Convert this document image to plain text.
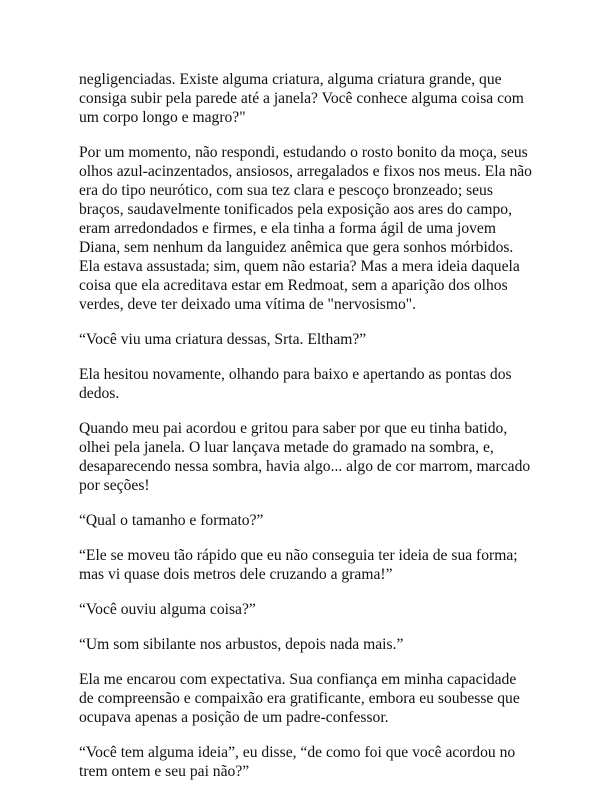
negligenciadas. Existe alguma criatura, alguma criatura grande, que consiga subir pela parede até a janela? Você conhece alguma coisa com um corpo longo e magro?"

Por um momento, não respondi, estudando o rosto bonito da moça, seus olhos azul-acinzentados, ansiosos, arregalados e fixos nos meus. Ela não era do tipo neurótico, com sua tez clara e pescoço bronzeado; seus braços, saudavelmente tonificados pela exposição aos ares do campo, eram arredondados e firmes, e ela tinha a forma ágil de uma jovem Diana, sem nenhum da languidez anêmica que gera sonhos mórbidos. Ela estava assustada; sim, quem não estaria? Mas a mera ideia daquela coisa que ela acreditava estar em Redmoat, sem a aparição dos olhos verdes, deve ter deixado uma vítima de "nervosismo".

“Você viu uma criatura dessas, Srta. Eltham?”

Ela hesitou novamente, olhando para baixo e apertando as pontas dos dedos.

Quando meu pai acordou e gritou para saber por que eu tinha batido, olhei pela janela. O luar lançava metade do gramado na sombra, e, desaparecendo nessa sombra, havia algo... algo de cor marrom, marcado por seções!

“Qual o tamanho e formato?”

“Ele se moveu tão rápido que eu não conseguia ter ideia de sua forma; mas vi quase dois metros dele cruzando a grama!”

“Você ouviu alguma coisa?”

“Um som sibilante nos arbustos, depois nada mais.”

Ela me encarou com expectativa. Sua confiança em minha capacidade de compreensão e compaixão era gratificante, embora eu soubesse que ocupava apenas a posição de um padre-confessor.

“Você tem alguma ideia”, eu disse, “de como foi que você acordou no trem ontem e seu pai não?”
